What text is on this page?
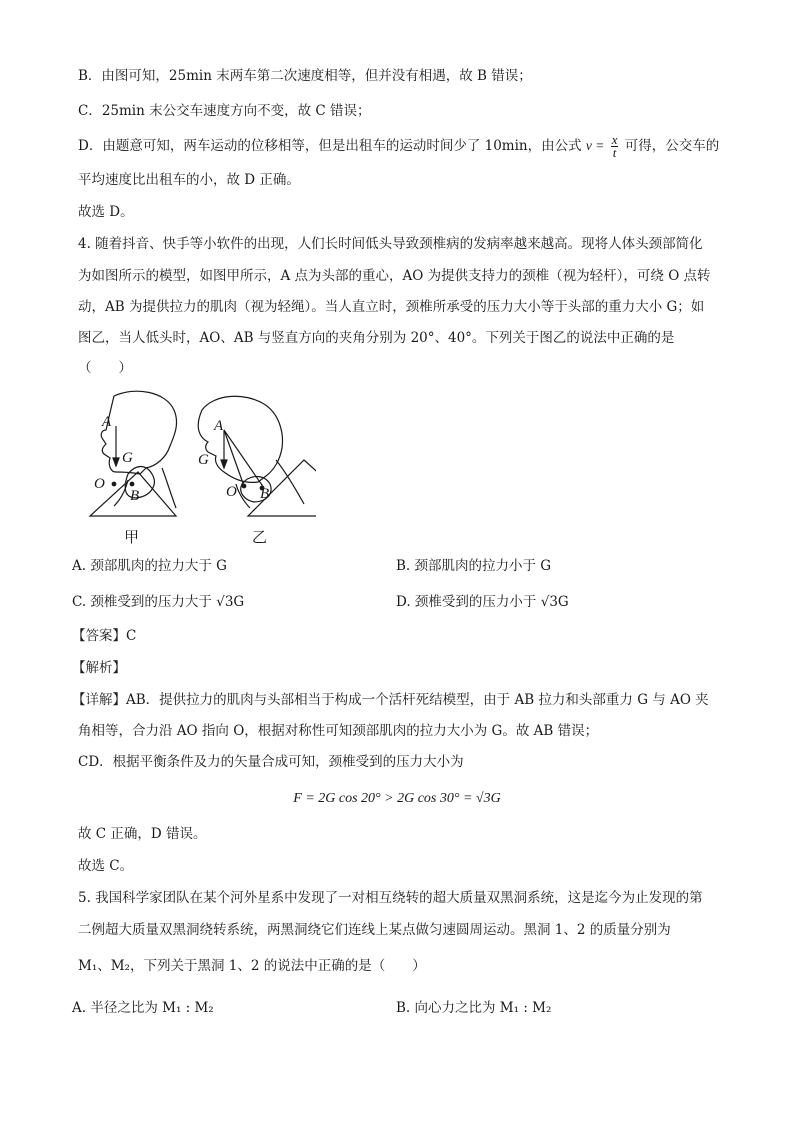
B．由图可知，25min 末两车第二次速度相等，但并没有相遇，故 B 错误；
C．25min 末公交车速度方向不变，故 C 错误；
D．由题意可知，两车运动的位移相等，但是出租车的运动时间少了 10min，由公式 $v = \frac{x}{t}$ 可得，公交车的
平均速度比出租车的小，故 D 正确。
故选 D。
4. 随着抖音、快手等小软件的出现，人们长时间低头导致颈椎病的发病率越来越高。现将人体头颈部简化
为如图所示的模型，如图甲所示，A 点为头部的重心，AO 为提供支持力的颈椎（视为轻杆），可绕 O 点转
动，AB 为提供拉力的肌肉（视为轻绳）。当人直立时，颈椎所承受的压力大小等于头部的重力大小 G；如
图乙，当人低头时，AO、AB 与竖直方向的夹角分别为 20°、40°。下列关于图乙的说法中正确的是
（　　）
A
G
O
B
A
G
O B
甲	乙
A. 颈部肌肉的拉力大于 G	B. 颈部肌肉的拉力小于 G
C. 颈椎受到的压力大于 √3G	D. 颈椎受到的压力小于 √3G
【答案】C
【解析】
【详解】AB．提供拉力的肌肉与头部相当于构成一个活杆死结模型，由于 AB 拉力和头部重力 G 与 AO 夹
角相等，合力沿 AO 指向 O，根据对称性可知颈部肌肉的拉力大小为 G。故 AB 错误；
CD．根据平衡条件及力的矢量合成可知，颈椎受到的压力大小为
F = 2G cos 20° > 2G cos 30° = √3G
故 C 正确，D 错误。
故选 C。
5. 我国科学家团队在某个河外星系中发现了一对相互绕转的超大质量双黑洞系统，这是迄今为止发现的第
二例超大质量双黑洞绕转系统，两黑洞绕它们连线上某点做匀速圆周运动。黑洞 1、2 的质量分别为
M₁、M₂，下列关于黑洞 1、2 的说法中正确的是（　　）
A. 半径之比为 M₁ : M₂	B. 向心力之比为 M₁ : M₂
